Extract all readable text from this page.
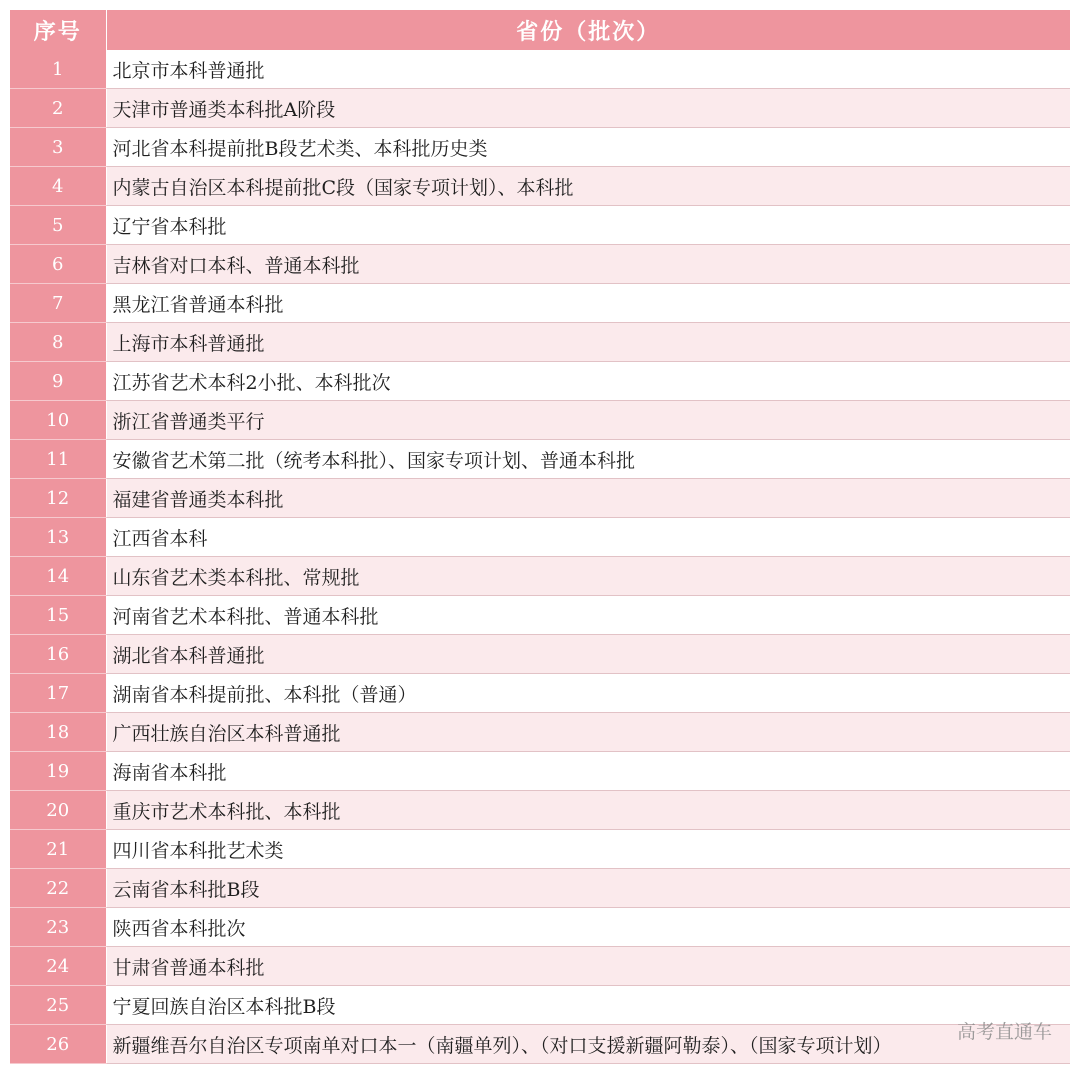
序号	省份（批次）
1	北京市本科普通批
2	天津市普通类本科批A阶段
3	河北省本科提前批B段艺术类、本科批历史类
4	内蒙古自治区本科提前批C段（国家专项计划）、本科批
5	辽宁省本科批
6	吉林省对口本科、普通本科批
7	黑龙江省普通本科批
8	上海市本科普通批
9	江苏省艺术本科2小批、本科批次
10	浙江省普通类平行
11	安徽省艺术第二批（统考本科批）、国家专项计划、普通本科批
12	福建省普通类本科批
13	江西省本科
14	山东省艺术类本科批、常规批
15	河南省艺术本科批、普通本科批
16	湖北省本科普通批
17	湖南省本科提前批、本科批（普通）
18	广西壮族自治区本科普通批
19	海南省本科批
20	重庆市艺术本科批、本科批
21	四川省本科批艺术类
22	云南省本科批B段
23	陕西省本科批次
24	甘肃省普通本科批
25	宁夏回族自治区本科批B段
26	新疆维吾尔自治区专项南单对口本一（南疆单列）、（对口支援新疆阿勒泰）、（国家专项计划）
高考直通车
